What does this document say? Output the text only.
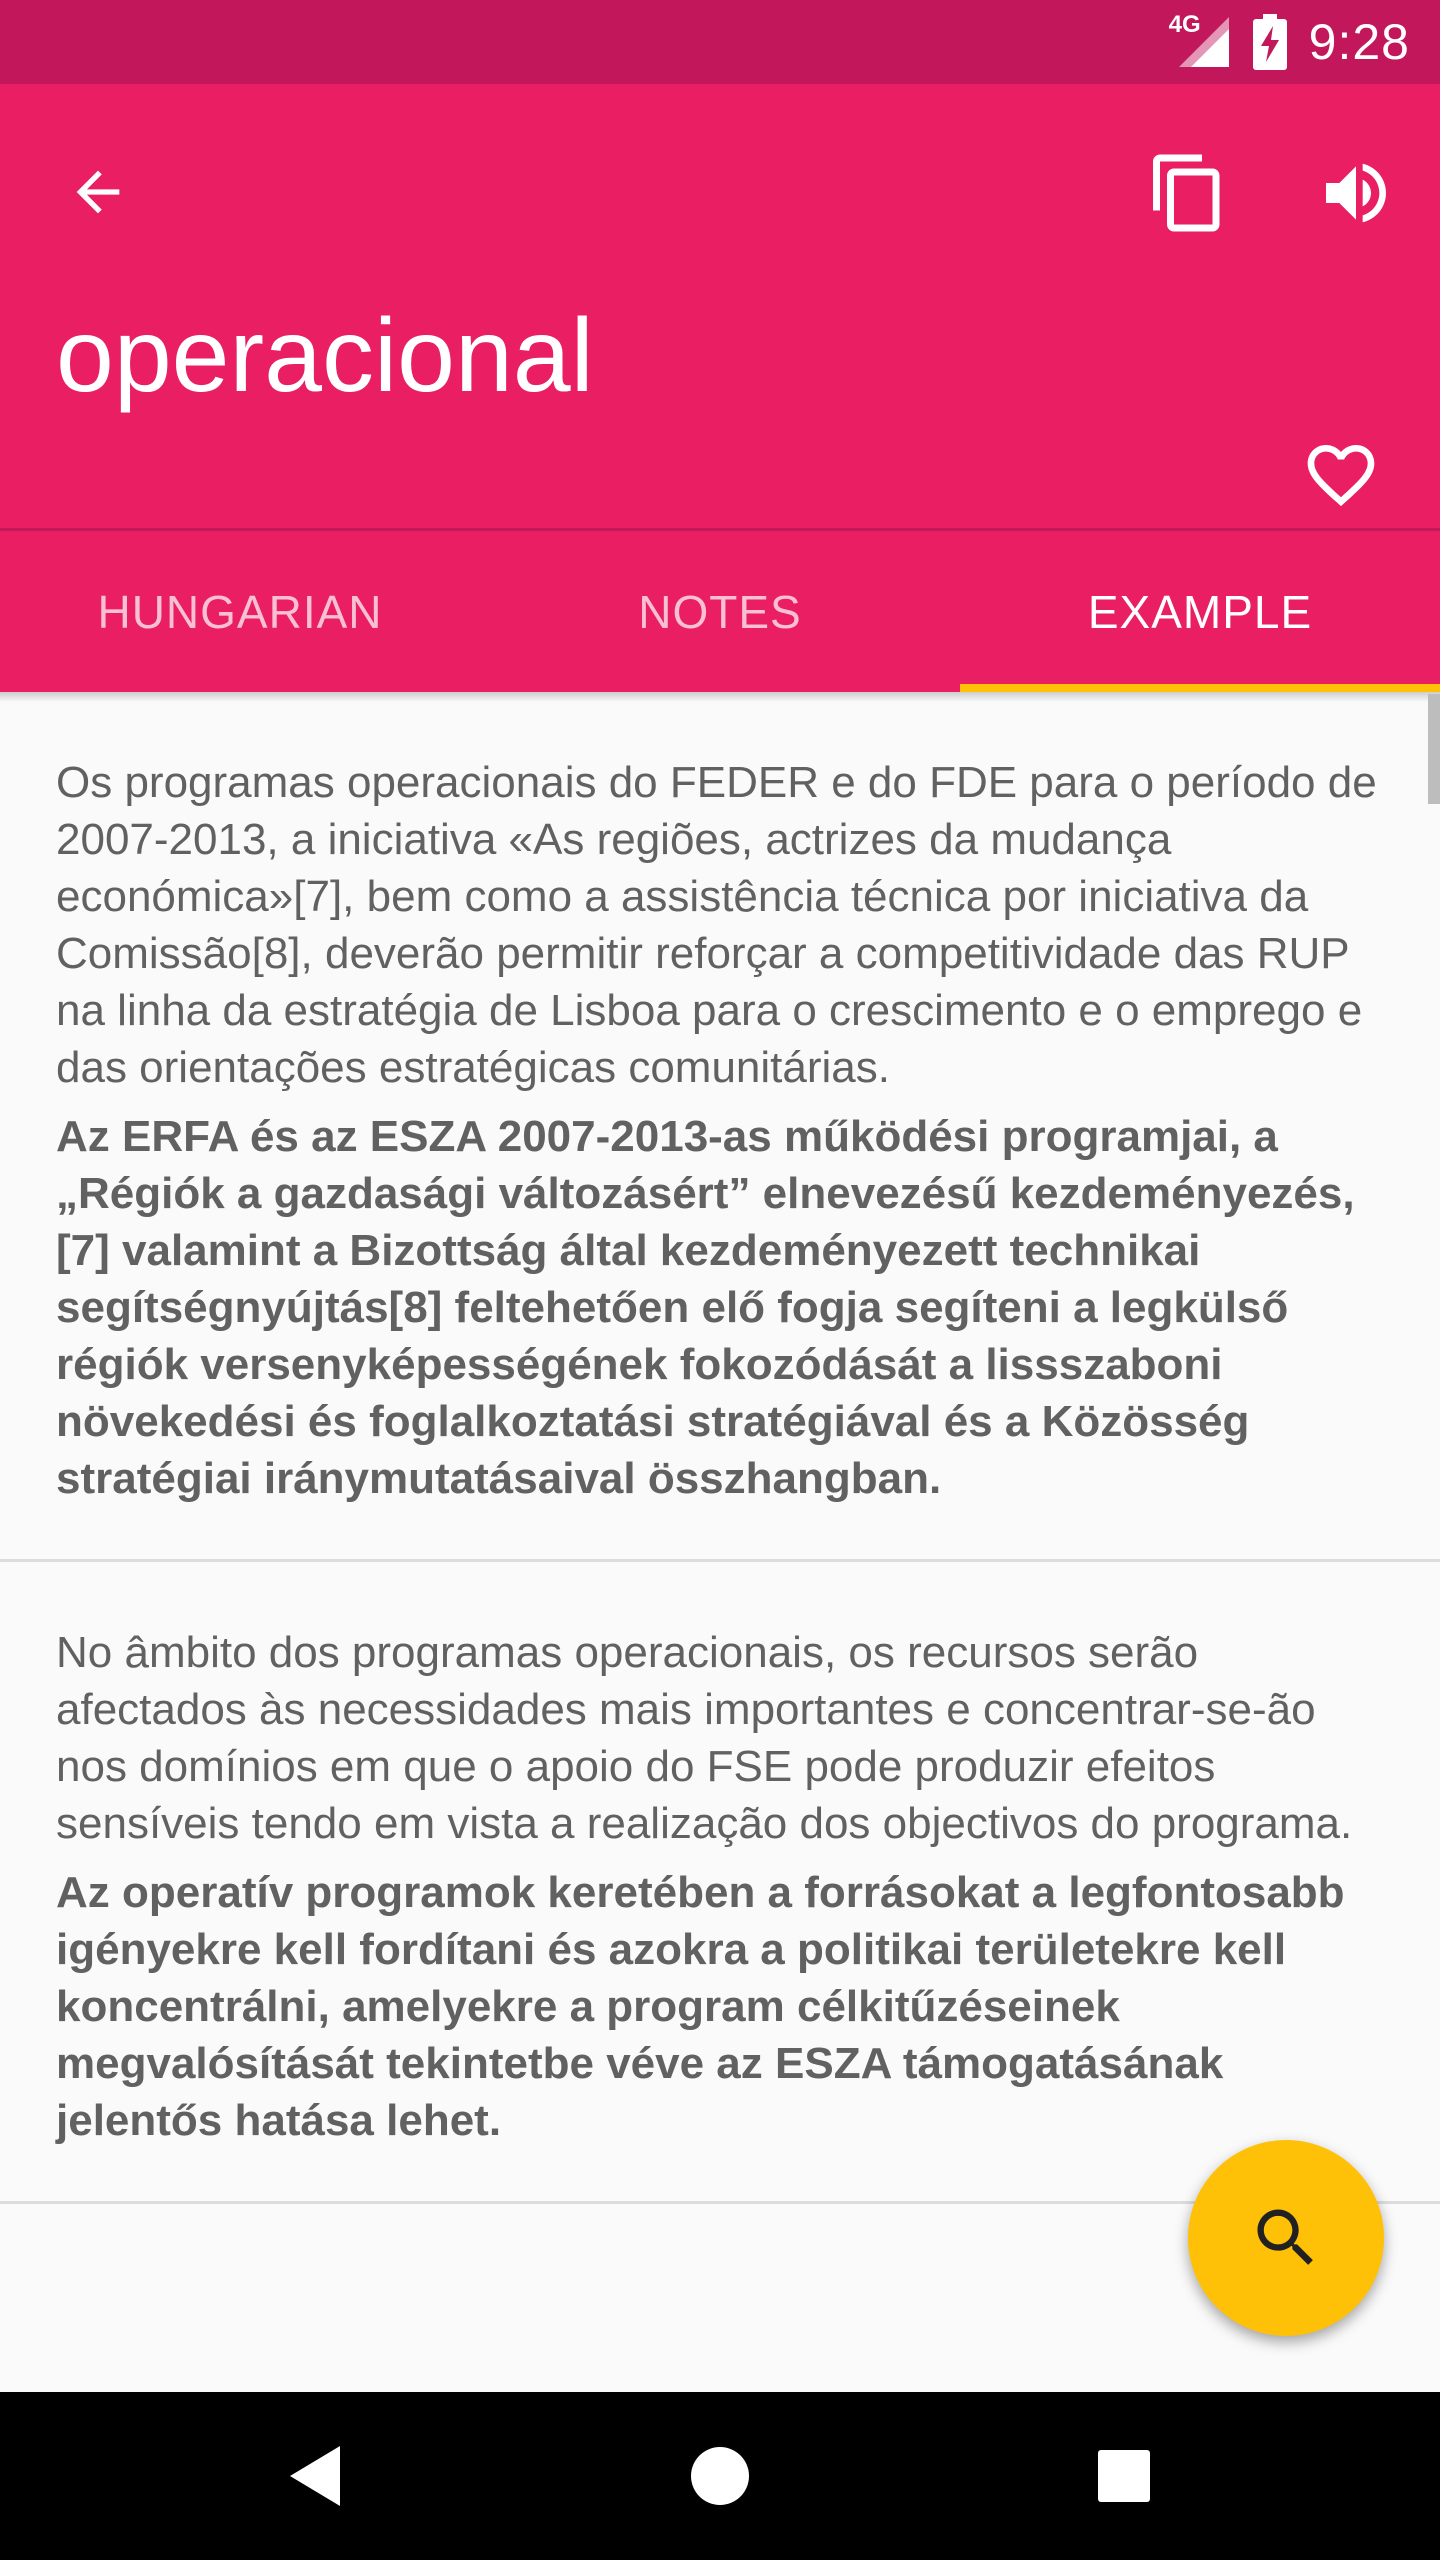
4G 9:28
operacional
HUNGARIAN	NOTES	EXAMPLE

Os programas operacionais do FEDER e do FDE para o período de 2007-2013, a iniciativa «As regiões, actrizes da mudança económica»[7], bem como a assistência técnica por iniciativa da Comissão[8], deverão permitir reforçar a competitividade das RUP na linha da estratégia de Lisboa para o crescimento e o emprego e das orientações estratégicas comunitárias.

Az ERFA és az ESZA 2007-2013-as működési programjai, a „Régiók a gazdasági változásért” elnevezésű kezdeményezés,[7] valamint a Bizottság által kezdeményezett technikai segítségnyújtás[8] feltehetően elő fogja segíteni a legkülső régiók versenyképességének fokozódását a lissszaboni növekedési és foglalkoztatási stratégiával és a Közösség stratégiai iránymutatásaival összhangban.

No âmbito dos programas operacionais, os recursos serão afectados às necessidades mais importantes e concentrar-se-ão nos domínios em que o apoio do FSE pode produzir efeitos sensíveis tendo em vista a realização dos objectivos do programa.

Az operatív programok keretében a forrásokat a legfontosabb igényekre kell fordítani és azokra a politikai területekre kell koncentrálni, amelyekre a program célkitűzéseinek megvalósítását tekintetbe véve az ESZA támogatásának jelentős hatása lehet.
